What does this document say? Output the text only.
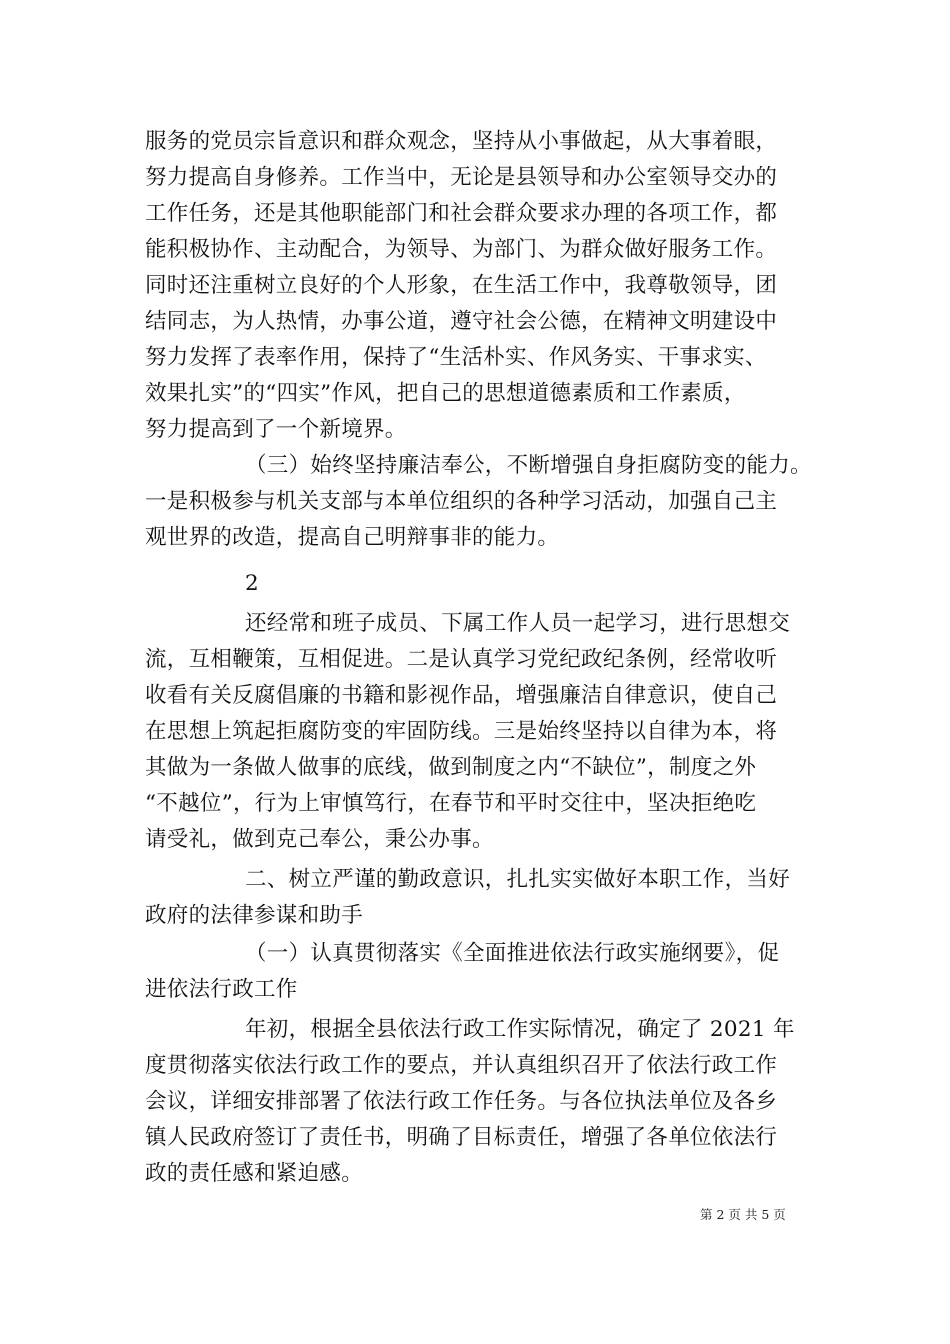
服务的党员宗旨意识和群众观念，坚持从小事做起，从大事着眼，
努力提高自身修养。工作当中，无论是县领导和办公室领导交办的
工作任务，还是其他职能部门和社会群众要求办理的各项工作，都
能积极协作、主动配合，为领导、为部门、为群众做好服务工作。
同时还注重树立良好的个人形象，在生活工作中，我尊敬领导，团
结同志，为人热情，办事公道，遵守社会公德，在精神文明建设中
努力发挥了表率作用，保持了“生活朴实、作风务实、干事求实、
效果扎实”的“四实”作风，把自己的思想道德素质和工作素质，
努力提高到了一个新境界。
（三）始终坚持廉洁奉公，不断增强自身拒腐防变的能力。
一是积极参与机关支部与本单位组织的各种学习活动，加强自己主
观世界的改造，提高自己明辩事非的能力。
2
还经常和班子成员、下属工作人员一起学习，进行思想交
流，互相鞭策，互相促进。二是认真学习党纪政纪条例，经常收听
收看有关反腐倡廉的书籍和影视作品，增强廉洁自律意识，使自己
在思想上筑起拒腐防变的牢固防线。三是始终坚持以自律为本，将
其做为一条做人做事的底线，做到制度之内“不缺位”，制度之外
“不越位”，行为上审慎笃行，在春节和平时交往中，坚决拒绝吃
请受礼，做到克己奉公，秉公办事。
二、树立严谨的勤政意识，扎扎实实做好本职工作，当好
政府的法律参谋和助手
（一）认真贯彻落实《全面推进依法行政实施纲要》，促
进依法行政工作
年初，根据全县依法行政工作实际情况，确定了 2021 年
度贯彻落实依法行政工作的要点，并认真组织召开了依法行政工作
会议，详细安排部署了依法行政工作任务。与各位执法单位及各乡
镇人民政府签订了责任书，明确了目标责任，增强了各单位依法行
政的责任感和紧迫感。
第 2 页 共 5 页
